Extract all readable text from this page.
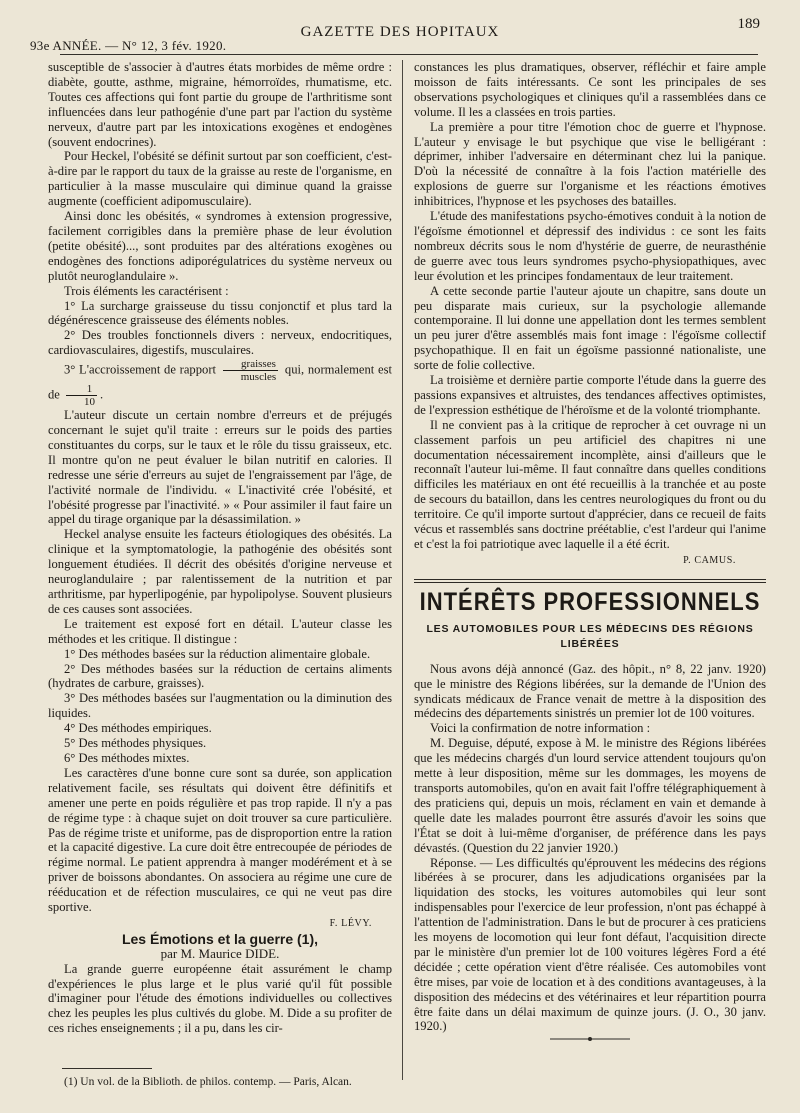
93e ANNÉE. — N° 12, 3 fév. 1920.
GAZETTE DES HOPITAUX	189

susceptible de s'associer à d'autres états morbides de même ordre : diabète, goutte, asthme, migraine, hémorroïdes, rhumatisme, etc. Toutes ces affections qui font partie du groupe de l'arthritisme sont influencées dans leur pathogénie d'une part par l'action du système nerveux, d'autre part par les intoxications exogènes et endogènes (souvent endocrines).

Pour Heckel, l'obésité se définit surtout par son coefficient, c'est-à-dire par le rapport du taux de la graisse au reste de l'organisme, en particulier à la masse musculaire qui diminue quand la graisse augmente (coefficient adipomusculaire).

Ainsi donc les obésités, « syndromes à extension progressive, facilement corrigibles dans la première phase de leur évolution (petite obésité)..., sont produites par des altérations exogènes ou endogènes des fonctions adiporégulatrices du système nerveux ou plutôt neuroglandulaire ».

Trois éléments les caractérisent :

1° La surcharge graisseuse du tissu conjonctif et plus tard la dégénérescence graisseuse des éléments nobles.

2° Des troubles fonctionnels divers : nerveux, endocritiques, cardiovasculaires, digestifs, musculaires.

3° L'accroissement de rapport $\frac{\text{graisses}}{\text{muscles}}$ qui, normalement est de $\frac{1}{10}$ .

L'auteur discute un certain nombre d'erreurs et de préjugés concernant le sujet qu'il traite : erreurs sur le poids des parties constituantes du corps, sur le taux et le rôle du tissu graisseux, etc. Il montre qu'on ne peut évaluer le bilan nutritif en calories. Il redresse une série d'erreurs au sujet de l'engraissement par l'âge, de l'activité normale de l'individu. « L'inactivité crée l'obésité, et l'obésité progresse par l'inactivité. » « Pour assimiler il faut faire un appel du tirage organique par la désassimilation. »

Heckel analyse ensuite les facteurs étiologiques des obésités. La clinique et la symptomatologie, la pathogénie des obésités sont longuement étudiées. Il décrit des obésités d'origine nerveuse et neuroglandulaire ; par ralentissement de la nutrition et par arthritisme, par hyperlipogénie, par hypolipolyse. Souvent plusieurs de ces causes sont associées.

Le traitement est exposé fort en détail. L'auteur classe les méthodes et les critique. Il distingue :

1° Des méthodes basées sur la réduction alimentaire globale.

2° Des méthodes basées sur la réduction de certains aliments (hydrates de carbure, graisses).

3° Des méthodes basées sur l'augmentation ou la diminution des liquides.

4° Des méthodes empiriques.

5° Des méthodes physiques.

6° Des méthodes mixtes.

Les caractères d'une bonne cure sont sa durée, son application relativement facile, ses résultats qui doivent être définitifs et amener une perte en poids régulière et pas trop rapide. Il n'y a pas de régime type : à chaque sujet on doit trouver sa cure particulière. Pas de régime triste et uniforme, pas de disproportion entre la ration et la capacité digestive. La cure doit être entrecoupée de périodes de régime normal. Le patient apprendra à manger modérément et à se priver de boissons abondantes. On associera au régime une cure de rééducation et de réfection musculaires, ce qui ne veut pas dire sportive.

F. LÉVY.

Les Émotions et la guerre (1),

par M. Maurice DIDE.

La grande guerre européenne était assurément le champ d'expériences le plus large et le plus varié qu'il fût possible d'imaginer pour l'étude des émotions individuelles ou collectives chez les peuples les plus cultivés du globe. M. Dide a su profiter de ces riches enseignements ; il a pu, dans les cir-

constances les plus dramatiques, observer, réfléchir et faire ample moisson de faits intéressants. Ce sont les principales de ses observations psychologiques et cliniques qu'il a rassemblées dans ce volume. Il les a classées en trois parties.

La première a pour titre l'émotion choc de guerre et l'hypnose. L'auteur y envisage le but psychique que vise le belligérant : déprimer, inhiber l'adversaire en déterminant chez lui la panique. D'où la nécessité de connaître à la fois l'action matérielle des explosions de guerre sur l'organisme et les réactions émotives inhibitrices, l'hypnose et les psychoses des batailles.

L'étude des manifestations psycho-émotives conduit à la notion de l'égoïsme émotionnel et dépressif des individus : ce sont les faits nombreux décrits sous le nom d'hystérie de guerre, de neurasthénie de guerre avec tous leurs syndromes psycho-physiopathiques, avec leur évolution et les principes fondamentaux de leur traitement.

A cette seconde partie l'auteur ajoute un chapitre, sans doute un peu disparate mais curieux, sur la psychologie allemande contemporaine. Il lui donne une appellation dont les termes semblent un peu jurer d'être assemblés mais font image : l'égoïsme collectif psychopathique. Il en fait un égoïsme passionné nationaliste, une sorte de folie collective.

La troisième et dernière partie comporte l'étude dans la guerre des passions expansives et altruistes, des tendances affectives optimistes, de l'expression esthétique de l'héroïsme et de la volonté triomphante.

Il ne convient pas à la critique de reprocher à cet ouvrage ni un classement parfois un peu artificiel des chapitres ni une documentation nécessairement incomplète, ainsi d'ailleurs que le reconnaît l'auteur lui-même. Il faut connaître dans quelles conditions difficiles les matériaux en ont été recueillis à la tranchée et au poste de secours du bataillon, dans les centres neurologiques du front ou du territoire. Ce qu'il importe surtout d'apprécier, dans ce recueil de faits vécus et rassemblés sans doctrine préétablie, c'est l'ardeur qui l'anime et c'est la foi patriotique avec laquelle il a été écrit.

P. CAMUS.

INTÉRÊTS PROFESSIONNELS
LES AUTOMOBILES POUR LES MÉDECINS DES RÉGIONS LIBÉRÉES

Nous avons déjà annoncé (Gaz. des hôpit., n° 8, 22 janv. 1920) que le ministre des Régions libérées, sur la demande de l'Union des syndicats médicaux de France venait de mettre à la disposition des médecins des départements sinistrés un premier lot de 100 voitures.

Voici la confirmation de notre information :

M. Deguise, député, expose à M. le ministre des Régions libérées que les médecins chargés d'un lourd service attendent toujours qu'on mette à leur disposition, même sur les dommages, les moyens de transports automobiles, qu'on en avait fait l'offre télégraphiquement à des praticiens qui, depuis un mois, réclament en vain et demande à quelle date les malades pourront être assurés d'avoir les soins que l'État se doit à lui-même d'organiser, de préférence dans les pays dévastés. (Question du 22 janvier 1920.)

Réponse. — Les difficultés qu'éprouvent les médecins des régions libérées à se procurer, dans les adjudications organisées par la liquidation des stocks, les voitures automobiles qui leur sont indispensables pour l'exercice de leur profession, n'ont pas échappé à l'attention de l'administration. Dans le but de procurer à ces praticiens les moyens de locomotion qui leur font défaut, l'acquisition directe par le ministère d'un premier lot de 100 voitures légères Ford a été décidée ; cette opération vient d'être réalisée. Ces automobiles vont être mises, par voie de location et à des conditions avantageuses, à la disposition des médecins et des vétérinaires et leur répartition pourra être faite dans un délai maximum de quinze jours. (J. O., 30 janv. 1920.)

(1) Un vol. de la Biblioth. de philos. contemp. — Paris, Alcan.
